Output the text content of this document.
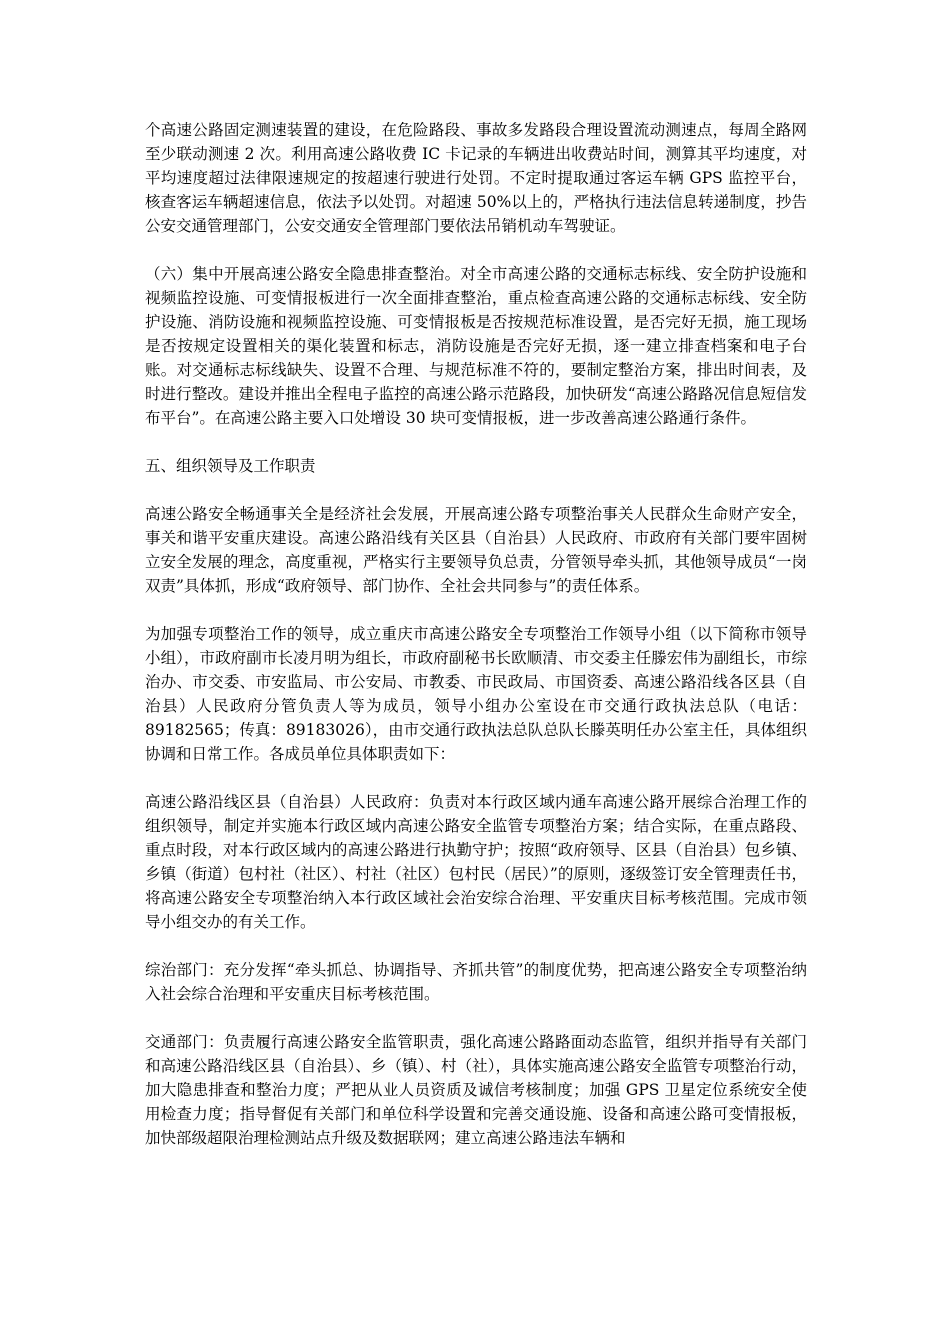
个高速公路固定测速装置的建设，在危险路段、事故多发路段合理设置流动测速点，每周全路网至少联动测速 2 次。利用高速公路收费 IC 卡记录的车辆进出收费站时间，测算其平均速度，对平均速度超过法律限速规定的按超速行驶进行处罚。不定时提取通过客运车辆 GPS 监控平台，核查客运车辆超速信息，依法予以处罚。对超速 50%以上的，严格执行违法信息转递制度，抄告公安交通管理部门，公安交通安全管理部门要依法吊销机动车驾驶证。

（六）集中开展高速公路安全隐患排查整治。对全市高速公路的交通标志标线、安全防护设施和视频监控设施、可变情报板进行一次全面排查整治，重点检查高速公路的交通标志标线、安全防护设施、消防设施和视频监控设施、可变情报板是否按规范标准设置，是否完好无损，施工现场是否按规定设置相关的渠化装置和标志，消防设施是否完好无损，逐一建立排查档案和电子台账。对交通标志标线缺失、设置不合理、与规范标准不符的，要制定整治方案，排出时间表，及时进行整改。建设并推出全程电子监控的高速公路示范路段，加快研发“高速公路路况信息短信发布平台”。在高速公路主要入口处增设 30 块可变情报板，进一步改善高速公路通行条件。

五、组织领导及工作职责

高速公路安全畅通事关全是经济社会发展，开展高速公路专项整治事关人民群众生命财产安全，事关和谐平安重庆建设。高速公路沿线有关区县（自治县）人民政府、市政府有关部门要牢固树立安全发展的理念，高度重视，严格实行主要领导负总责，分管领导牵头抓，其他领导成员“一岗双责”具体抓，形成“政府领导、部门协作、全社会共同参与”的责任体系。

为加强专项整治工作的领导，成立重庆市高速公路安全专项整治工作领导小组（以下简称市领导小组），市政府副市长凌月明为组长，市政府副秘书长欧顺清、市交委主任滕宏伟为副组长，市综治办、市交委、市安监局、市公安局、市教委、市民政局、市国资委、高速公路沿线各区县（自治县）人民政府分管负责人等为成员，领导小组办公室设在市交通行政执法总队（电话：89182565；传真：89183026），由市交通行政执法总队总队长滕英明任办公室主任，具体组织协调和日常工作。各成员单位具体职责如下：

高速公路沿线区县（自治县）人民政府：负责对本行政区域内通车高速公路开展综合治理工作的组织领导，制定并实施本行政区域内高速公路安全监管专项整治方案；结合实际，在重点路段、重点时段，对本行政区域内的高速公路进行执勤守护；按照“政府领导、区县（自治县）包乡镇、乡镇（街道）包村社（社区）、村社（社区）包村民（居民）”的原则，逐级签订安全管理责任书，将高速公路安全专项整治纳入本行政区域社会治安综合治理、平安重庆目标考核范围。完成市领导小组交办的有关工作。

综治部门：充分发挥“牵头抓总、协调指导、齐抓共管”的制度优势，把高速公路安全专项整治纳入社会综合治理和平安重庆目标考核范围。

交通部门：负责履行高速公路安全监管职责，强化高速公路路面动态监管，组织并指导有关部门和高速公路沿线区县（自治县）、乡（镇）、村（社），具体实施高速公路安全监管专项整治行动，加大隐患排查和整治力度；严把从业人员资质及诚信考核制度；加强 GPS 卫星定位系统安全使用检查力度；指导督促有关部门和单位科学设置和完善交通设施、设备和高速公路可变情报板，加快部级超限治理检测站点升级及数据联网；建立高速公路违法车辆和
